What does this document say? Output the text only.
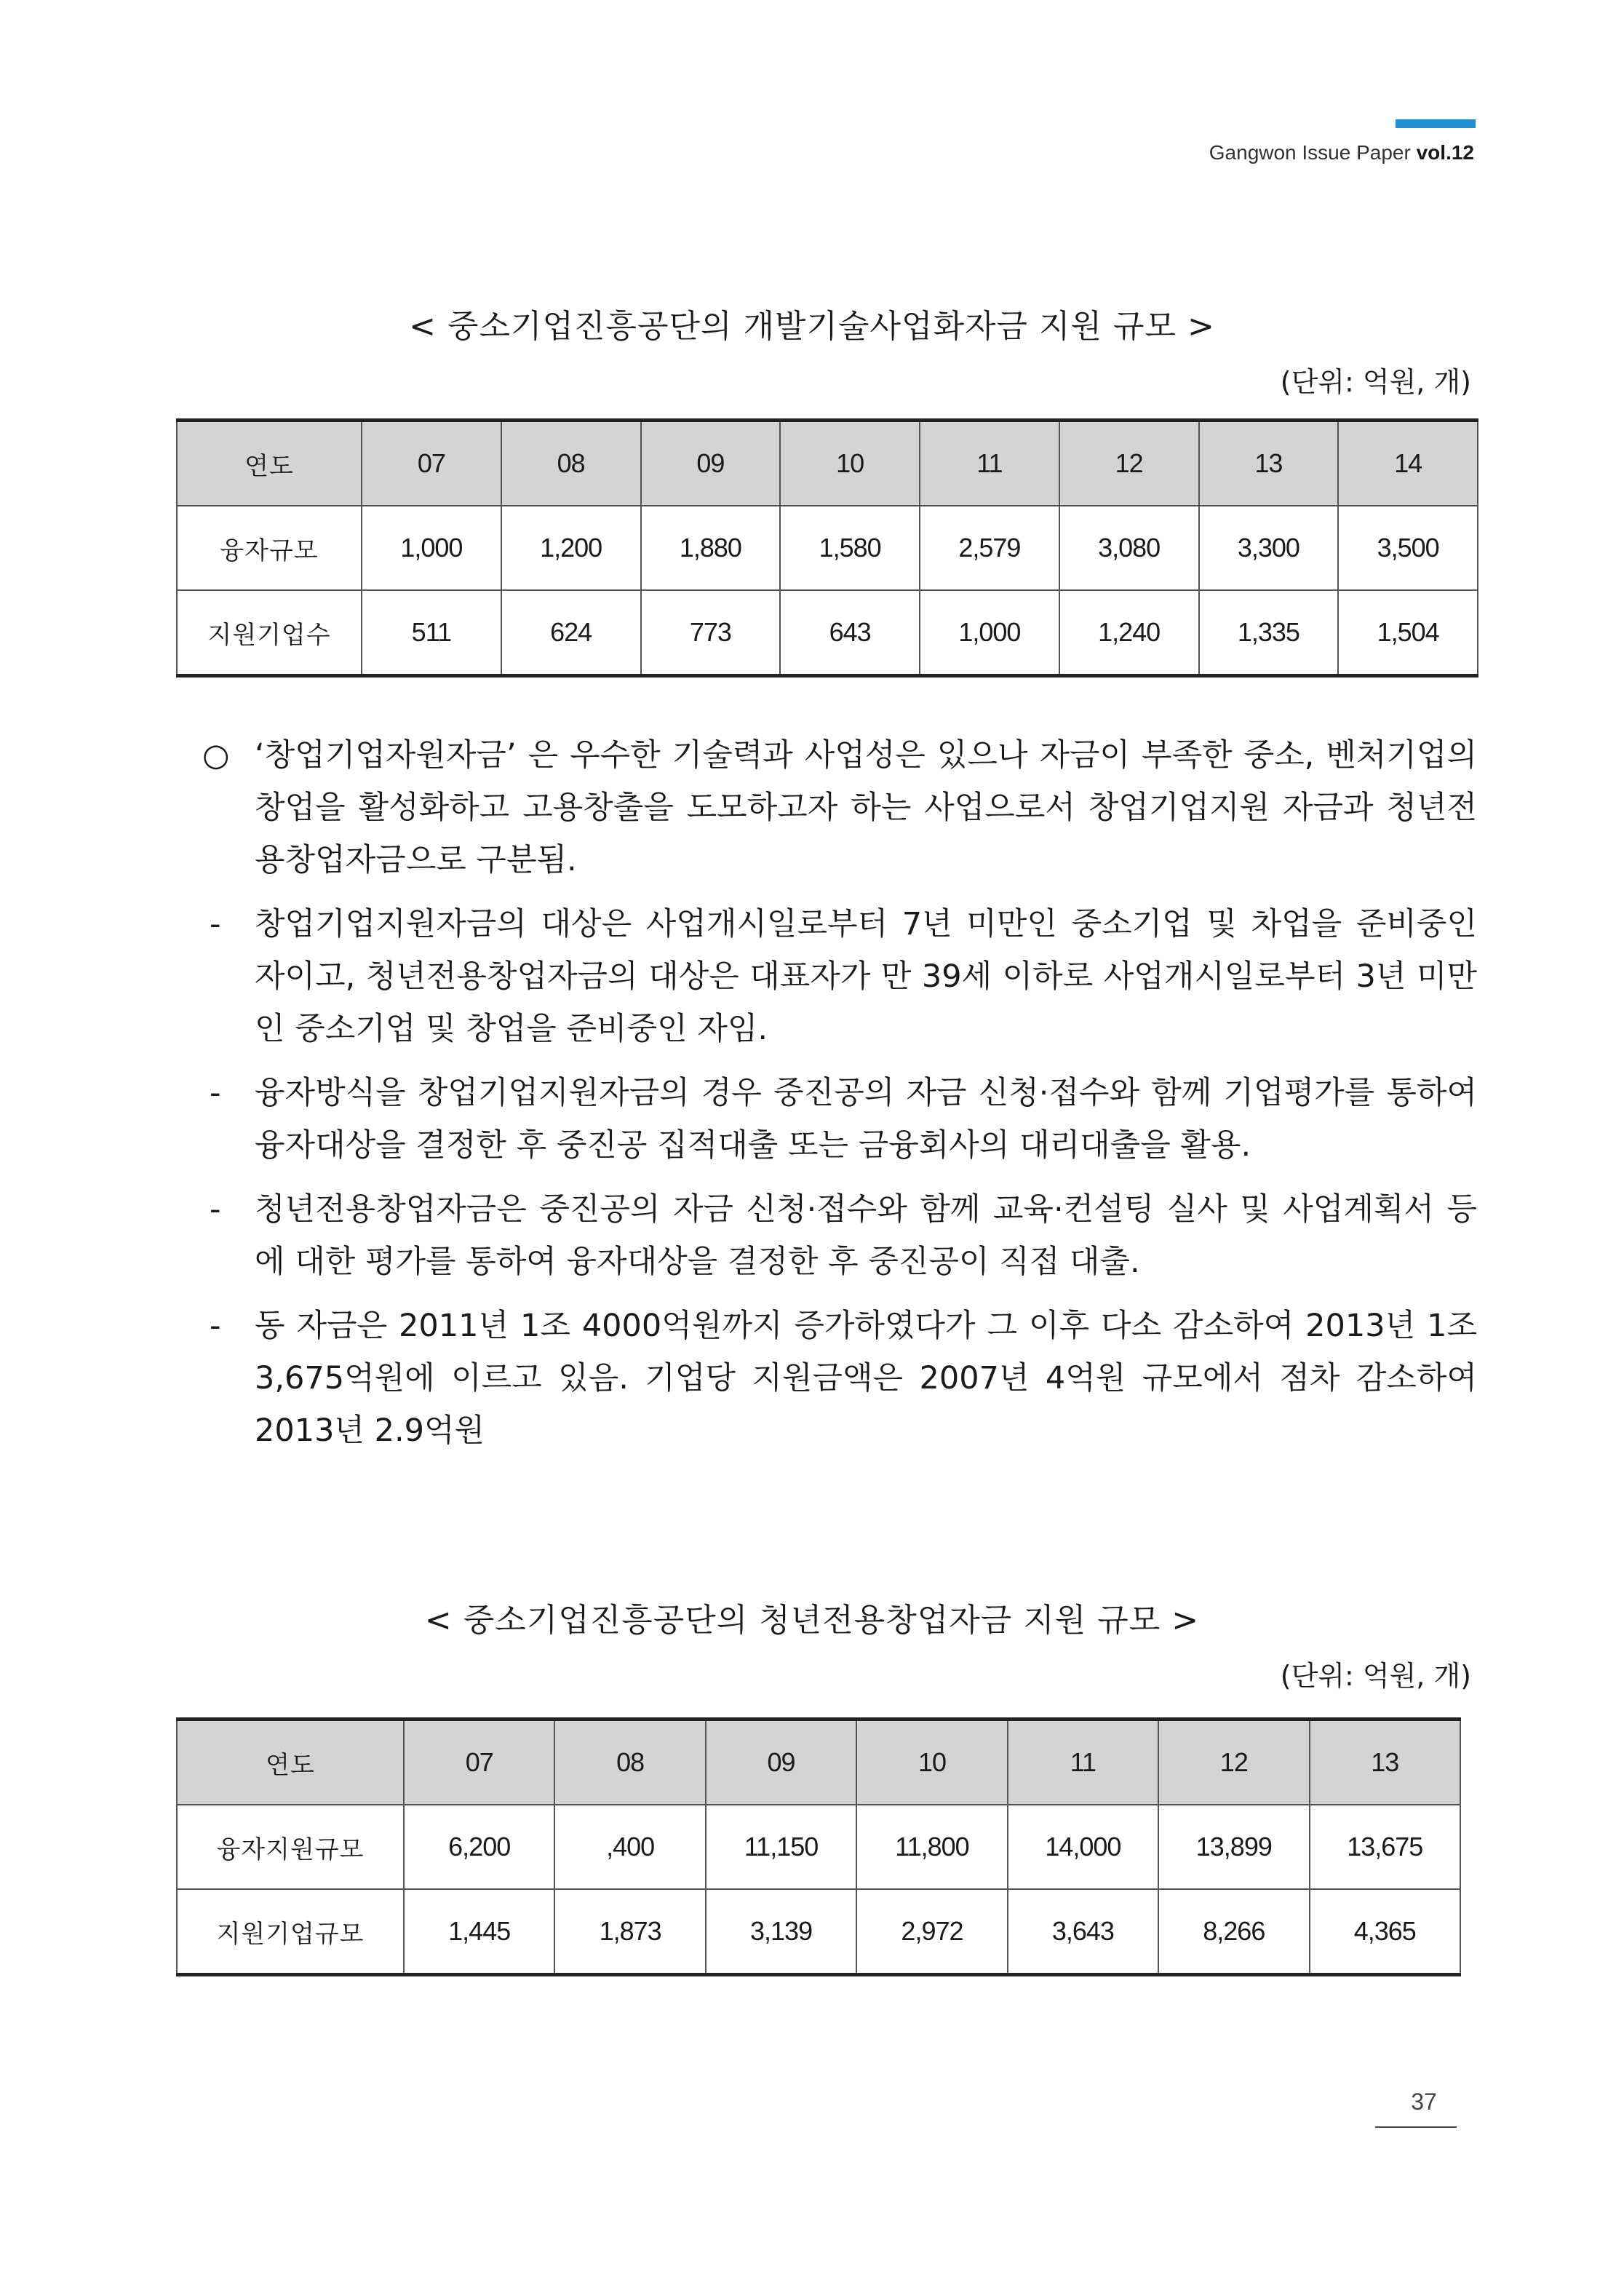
Gangwon Issue Paper vol.12
< 중소기업진흥공단의 개발기술사업화자금 지원 규모 >
(단위: 억원, 개)
연도	07	08	09	10	11	12	13	14
융자규모	1,000	1,200	1,880	1,580	2,579	3,080	3,300	3,500
지원기업수	511	624	773	643	1,000	1,240	1,335	1,504
○ ‘창업기업자원자금’ 은 우수한 기술력과 사업성은 있으나 자금이 부족한 중소, 벤처기업의 창업을 활성화하고 고용창출을 도모하고자 하는 사업으로서 창업기업지원 자금과 청년전용창업자금으로 구분됨.
- 창업기업지원자금의 대상은 사업개시일로부터 7년 미만인 중소기업 및 차업을 준비중인 자이고, 청년전용창업자금의 대상은 대표자가 만 39세 이하로 사업개시일로부터 3년 미만인 중소기업 및 창업을 준비중인 자임.
- 융자방식을 창업기업지원자금의 경우 중진공의 자금 신청·접수와 함께 기업평가를 통하여 융자대상을 결정한 후 중진공 집적대출 또는 금융회사의 대리대출을 활용.
- 청년전용창업자금은 중진공의 자금 신청·접수와 함께 교육·컨설팅 실사 및 사업계획서 등에 대한 평가를 통하여 융자대상을 결정한 후 중진공이 직접 대출.
- 동 자금은 2011년 1조 4000억원까지 증가하였다가 그 이후 다소 감소하여 2013년 1조 3,675억원에 이르고 있음. 기업당 지원금액은 2007년 4억원 규모에서 점차 감소하여 2013년 2.9억원
< 중소기업진흥공단의 청년전용창업자금 지원 규모 >
(단위: 억원, 개)
연도	07	08	09	10	11	12	13
융자지원규모	6,200	,400	11,150	11,800	14,000	13,899	13,675
지원기업규모	1,445	1,873	3,139	2,972	3,643	8,266	4,365
37
